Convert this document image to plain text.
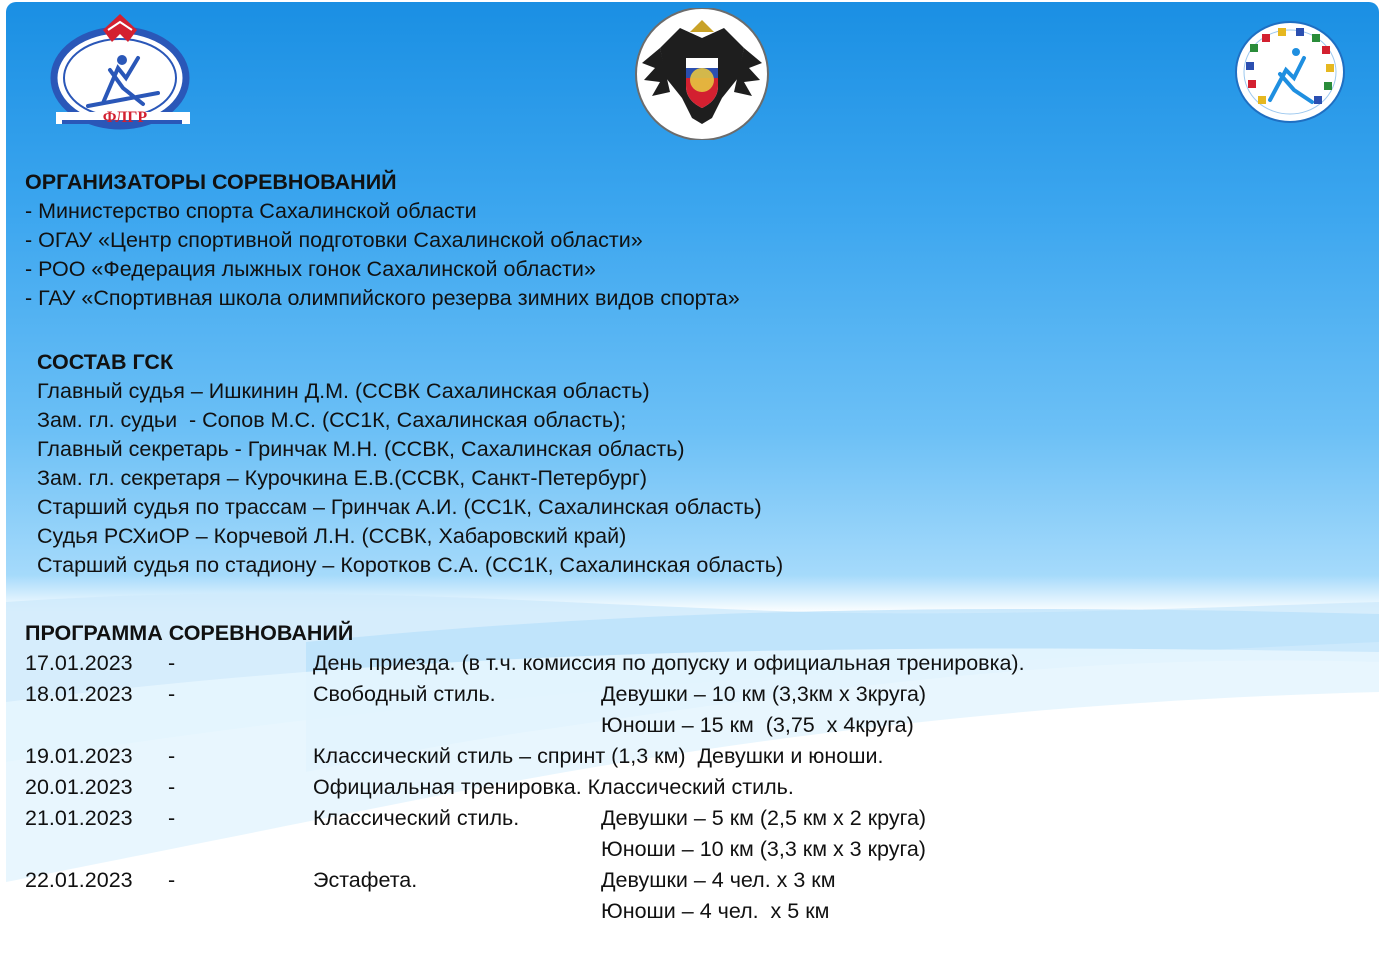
ФЛГР
ОРГАНИЗАТОРЫ СОРЕВНОВАНИЙ
- Министерство спорта Сахалинской области
- ОГАУ «Центр спортивной подготовки Сахалинской области»
- РОО «Федерация лыжных гонок Сахалинской области»
- ГАУ «Спортивная школа олимпийского резерва зимних видов спорта»
СОСТАВ ГСК
Главный судья – Ишкинин Д.М. (ССВК Сахалинская область)
Зам. гл. судьи  - Сопов М.С. (СС1К, Сахалинская область);
Главный секретарь - Гринчак М.Н. (ССВК, Сахалинская область)
Зам. гл. секретаря – Курочкина Е.В.(ССВК, Санкт-Петербург)
Старший судья по трассам – Гринчак А.И. (СС1К, Сахалинская область)
Судья РСХиОР – Корчевой Л.Н. (ССВК, Хабаровский край)
Старший судья по стадиону – Коротков С.А. (СС1К, Сахалинская область)
ПРОГРАММА СОРЕВНОВАНИЙ
17.01.2023 -	День приезда. (в т.ч. комиссия по допуску и официальная тренировка).
18.01.2023 -	Свободный стиль.	Девушки – 10 км (3,3км х 3круга)
Юноши – 15 км  (3,75  х 4круга)
19.01.2023 -	Классический стиль – спринт (1,3 км)  Девушки и юноши.
20.01.2023 -	Официальная тренировка. Классический стиль.
21.01.2023 -	Классический стиль.	Девушки – 5 км (2,5 км х 2 круга)
Юноши – 10 км (3,3 км х 3 круга)
22.01.2023 -	Эстафета.	Девушки – 4 чел. х 3 км
Юноши – 4 чел.  х 5 км
